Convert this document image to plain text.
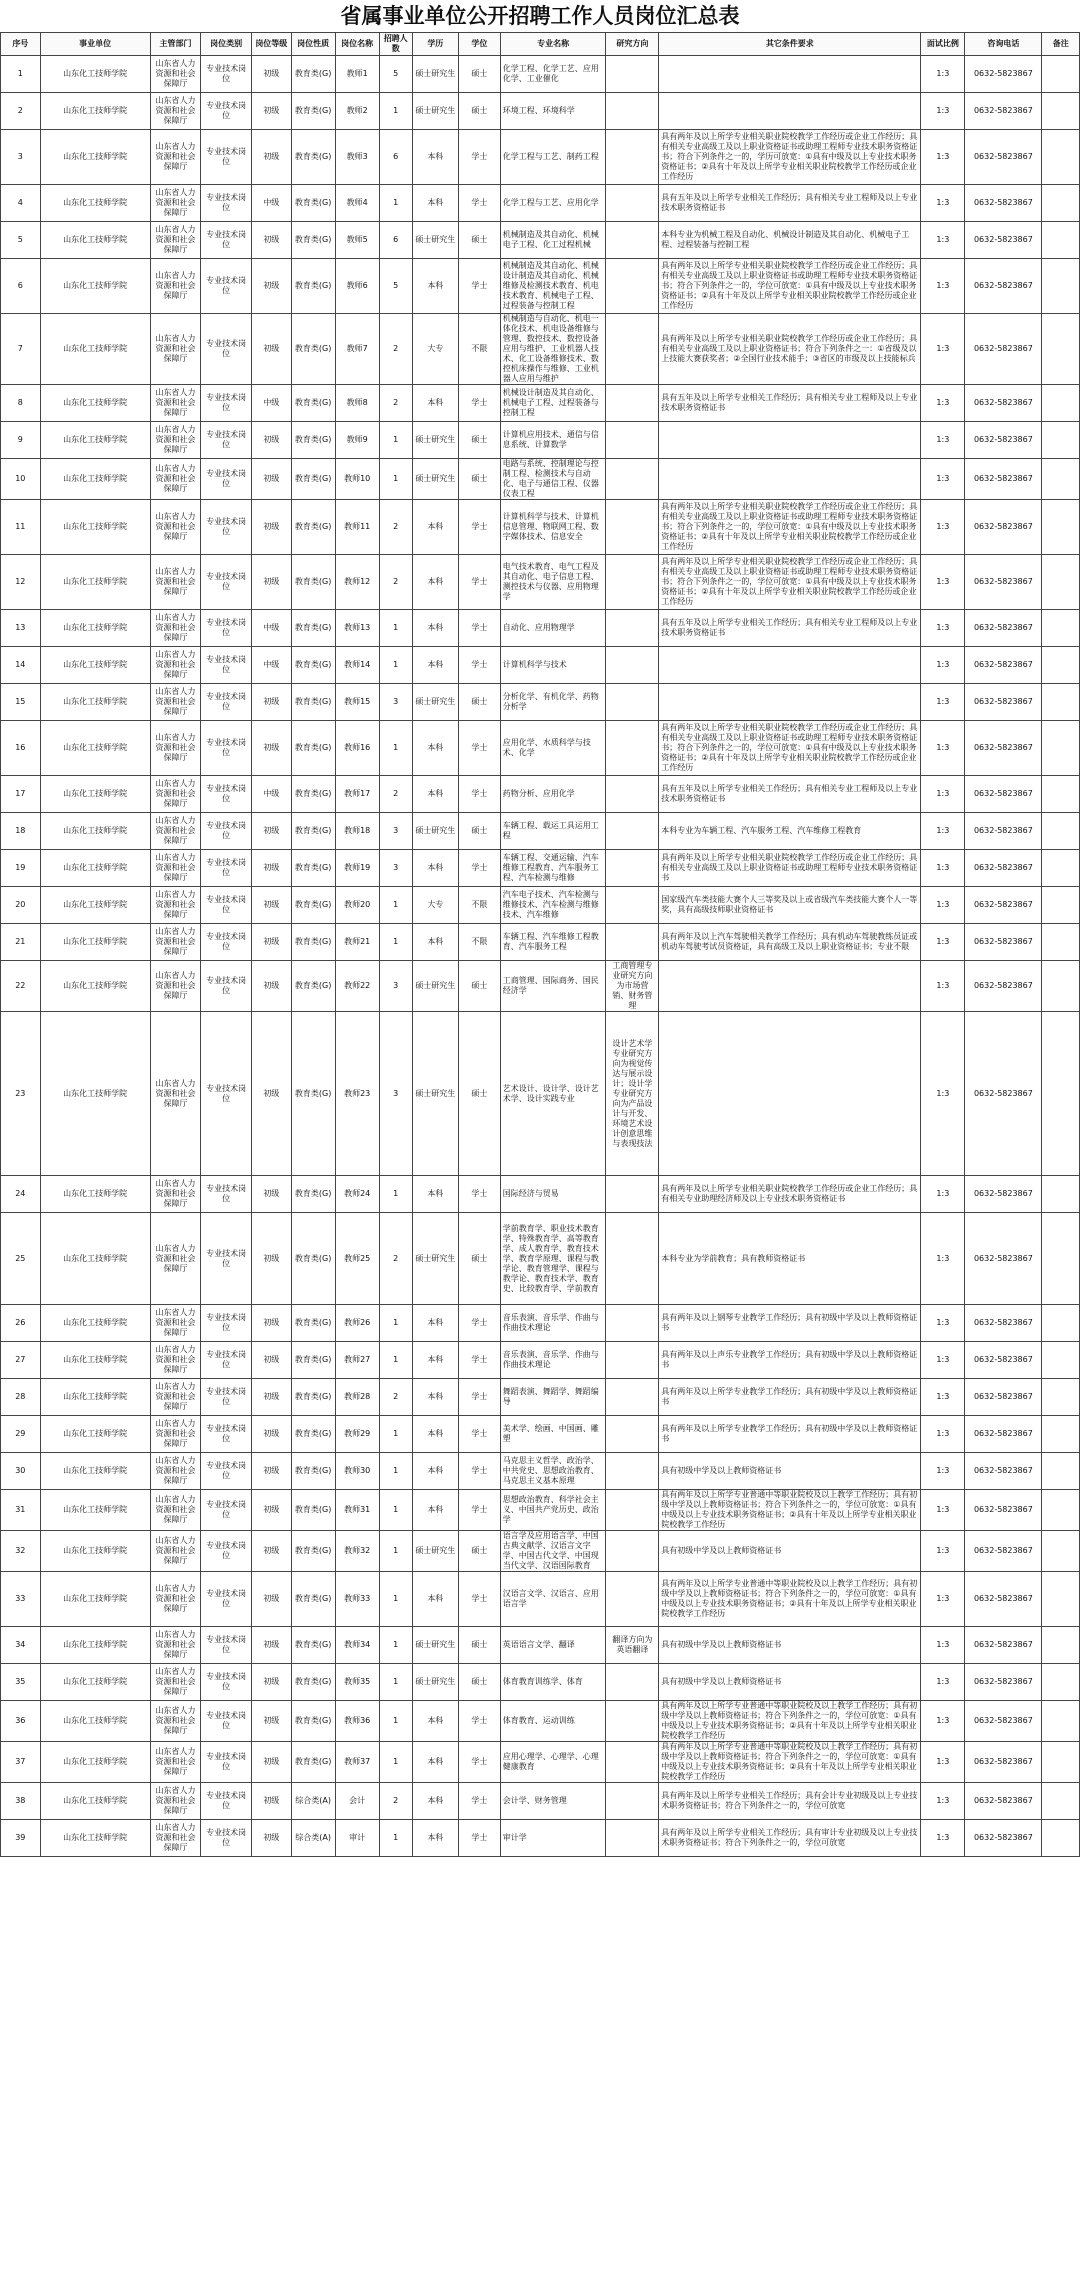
省属事业单位公开招聘工作人员岗位汇总表
序号	事业单位	主管部门	岗位类别	岗位等级	岗位性质	岗位名称	招聘人数	学历	学位	专业名称	研究方向	其它条件要求	面试比例	咨询电话	备注
1	山东化工技师学院	山东省人力资源和社会保障厅	专业技术岗位	初级	教育类(G)	教师1	5	硕士研究生	硕士	化学工程、化学工艺、应用化学、工业催化			1:3	0632-5823867	
2	山东化工技师学院	山东省人力资源和社会保障厅	专业技术岗位	初级	教育类(G)	教师2	1	硕士研究生	硕士	环境工程、环境科学			1:3	0632-5823867	
3	山东化工技师学院	山东省人力资源和社会保障厅	专业技术岗位	初级	教育类(G)	教师3	6	本科	学士	化学工程与工艺、制药工程		具有两年及以上所学专业相关职业院校教学工作经历或企业工作经历；具有相关专业高级工及以上职业资格证书或助理工程师专业技术职务资格证书；符合下列条件之一的，学历可放宽：①具有中级及以上专业技术职务资格证书；②具有十年及以上所学专业相关职业院校教学工作经历或企业工作经历	1:3	0632-5823867	
4	山东化工技师学院	山东省人力资源和社会保障厅	专业技术岗位	中级	教育类(G)	教师4	1	本科	学士	化学工程与工艺、应用化学		具有五年及以上所学专业相关工作经历；具有相关专业工程师及以上专业技术职务资格证书	1:3	0632-5823867	
5	山东化工技师学院	山东省人力资源和社会保障厅	专业技术岗位	初级	教育类(G)	教师5	6	硕士研究生	硕士	机械制造及其自动化、机械电子工程、化工过程机械		本科专业为机械工程及自动化、机械设计制造及其自动化、机械电子工程、过程装备与控制工程	1:3	0632-5823867	
6	山东化工技师学院	山东省人力资源和社会保障厅	专业技术岗位	初级	教育类(G)	教师6	5	本科	学士	机械制造及其自动化、机械设计制造及其自动化、机械维修及检测技术教育、机电技术教育、机械电子工程、过程装备与控制工程		具有两年及以上所学专业相关职业院校教学工作经历或企业工作经历；具有相关专业高级工及以上职业资格证书或助理工程师专业技术职务资格证书；符合下列条件之一的，学位可放宽：①具有中级及以上专业技术职务资格证书；②具有十年及以上所学专业相关职业院校教学工作经历或企业工作经历	1:3	0632-5823867	
7	山东化工技师学院	山东省人力资源和社会保障厅	专业技术岗位	初级	教育类(G)	教师7	2	大专	不限	机械制造与自动化、机电一体化技术、机电设备维修与管理、数控技术、数控设备应用与维护、工业机器人技术、化工设备维修技术、数控机床操作与维修、工业机器人应用与维护		具有两年及以上所学专业相关职业院校教学工作经历或企业工作经历；具有相关专业高级工及以上职业资格证书；符合下列条件之一：①省级及以上技能大赛获奖者；②全国行业技术能手；③省区的市级及以上技能标兵	1:3	0632-5823867	
8	山东化工技师学院	山东省人力资源和社会保障厅	专业技术岗位	中级	教育类(G)	教师8	2	本科	学士	机械设计制造及其自动化、机械电子工程、过程装备与控制工程		具有五年及以上所学专业相关工作经历；具有相关专业工程师及以上专业技术职务资格证书	1:3	0632-5823867	
9	山东化工技师学院	山东省人力资源和社会保障厅	专业技术岗位	初级	教育类(G)	教师9	1	硕士研究生	硕士	计算机应用技术、通信与信息系统、计算数学			1:3	0632-5823867	
10	山东化工技师学院	山东省人力资源和社会保障厅	专业技术岗位	初级	教育类(G)	教师10	1	硕士研究生	硕士	电路与系统、控制理论与控制工程、检测技术与自动化、电子与通信工程、仪器仪表工程			1:3	0632-5823867	
11	山东化工技师学院	山东省人力资源和社会保障厅	专业技术岗位	初级	教育类(G)	教师11	2	本科	学士	计算机科学与技术、计算机信息管理、物联网工程、数字媒体技术、信息安全		具有两年及以上所学专业相关职业院校教学工作经历或企业工作经历；具有相关专业高级工及以上职业资格证书或助理工程师专业技术职务资格证书；符合下列条件之一的，学位可放宽：①具有中级及以上专业技术职务资格证书；②具有十年及以上所学专业相关职业院校教学工作经历或企业工作经历	1:3	0632-5823867	
12	山东化工技师学院	山东省人力资源和社会保障厅	专业技术岗位	初级	教育类(G)	教师12	2	本科	学士	电气技术教育、电气工程及其自动化、电子信息工程、测控技术与仪器、应用物理学		具有两年及以上所学专业相关职业院校教学工作经历或企业工作经历；具有相关专业高级工及以上职业资格证书或助理工程师专业技术职务资格证书；符合下列条件之一的，学位可放宽：①具有中级及以上专业技术职务资格证书；②具有十年及以上所学专业相关职业院校教学工作经历或企业工作经历	1:3	0632-5823867	
13	山东化工技师学院	山东省人力资源和社会保障厅	专业技术岗位	中级	教育类(G)	教师13	1	本科	学士	自动化、应用物理学		具有五年及以上所学专业相关工作经历；具有相关专业工程师及以上专业技术职务资格证书	1:3	0632-5823867	
14	山东化工技师学院	山东省人力资源和社会保障厅	专业技术岗位	中级	教育类(G)	教师14	1	本科	学士	计算机科学与技术			1:3	0632-5823867	
15	山东化工技师学院	山东省人力资源和社会保障厅	专业技术岗位	初级	教育类(G)	教师15	3	硕士研究生	硕士	分析化学、有机化学、药物分析学			1:3	0632-5823867	
16	山东化工技师学院	山东省人力资源和社会保障厅	专业技术岗位	初级	教育类(G)	教师16	1	本科	学士	应用化学、水质科学与技术、化学		具有两年及以上所学专业相关职业院校教学工作经历或企业工作经历；具有相关专业高级工及以上职业资格证书或助理工程师专业技术职务资格证书；符合下列条件之一的，学位可放宽：①具有中级及以上专业技术职务资格证书；②具有十年及以上所学专业相关职业院校教学工作经历或企业工作经历	1:3	0632-5823867	
17	山东化工技师学院	山东省人力资源和社会保障厅	专业技术岗位	中级	教育类(G)	教师17	2	本科	学士	药物分析、应用化学		具有五年及以上所学专业相关工作经历；具有相关专业工程师及以上专业技术职务资格证书	1:3	0632-5823867	
18	山东化工技师学院	山东省人力资源和社会保障厅	专业技术岗位	初级	教育类(G)	教师18	3	硕士研究生	硕士	车辆工程、载运工具运用工程		本科专业为车辆工程、汽车服务工程、汽车维修工程教育	1:3	0632-5823867	
19	山东化工技师学院	山东省人力资源和社会保障厅	专业技术岗位	初级	教育类(G)	教师19	3	本科	学士	车辆工程、交通运输、汽车维修工程教育、汽车服务工程、汽车检测与维修		具有两年及以上所学专业相关职业院校教学工作经历或企业工作经历；具有相关专业高级工及以上职业资格证书或助理工程师专业技术职务资格证书	1:3	0632-5823867	
20	山东化工技师学院	山东省人力资源和社会保障厅	专业技术岗位	初级	教育类(G)	教师20	1	大专	不限	汽车电子技术、汽车检测与维修技术、汽车检测与维修技术、汽车维修		国家级汽车类技能大赛个人三等奖及以上或省级汽车类技能大赛个人一等奖，具有高级技师职业资格证书	1:3	0632-5823867	
21	山东化工技师学院	山东省人力资源和社会保障厅	专业技术岗位	初级	教育类(G)	教师21	1	本科	不限	车辆工程、汽车维修工程教育、汽车服务工程		具有两年及以上汽车驾驶相关教学工作经历；具有机动车驾驶教练员证或机动车驾驶考试员资格证，具有高级工及以上职业资格证书；专业不限	1:3	0632-5823867	
22	山东化工技师学院	山东省人力资源和社会保障厅	专业技术岗位	初级	教育类(G)	教师22	3	硕士研究生	硕士	工商管理、国际商务、国民经济学	工商管理专业研究方向为市场营销、财务管理		1:3	0632-5823867	
23	山东化工技师学院	山东省人力资源和社会保障厅	专业技术岗位	初级	教育类(G)	教师23	3	硕士研究生	硕士	艺术设计、设计学、设计艺术学、设计实践专业	设计艺术学专业研究方向为视觉传达与展示设计；设计学专业研究方向为产品设计与开发、环境艺术设计创意思维与表现技法		1:3	0632-5823867	
24	山东化工技师学院	山东省人力资源和社会保障厅	专业技术岗位	初级	教育类(G)	教师24	1	本科	学士	国际经济与贸易		具有两年及以上所学专业相关职业院校教学工作经历或企业工作经历；具有相关专业助理经济师及以上专业技术职务资格证书	1:3	0632-5823867	
25	山东化工技师学院	山东省人力资源和社会保障厅	专业技术岗位	初级	教育类(G)	教师25	2	硕士研究生	硕士	学前教育学、职业技术教育学、特殊教育学、高等教育学、成人教育学、教育技术学、教育学原理、课程与教学论、教育管理学、课程与教学论、教育技术学、教育史、比较教育学、学前教育		本科专业为学前教育；具有教师资格证书	1:3	0632-5823867	
26	山东化工技师学院	山东省人力资源和社会保障厅	专业技术岗位	初级	教育类(G)	教师26	1	本科	学士	音乐表演、音乐学、作曲与作曲技术理论		具有两年及以上钢琴专业教学工作经历；具有初级中学及以上教师资格证书	1:3	0632-5823867	
27	山东化工技师学院	山东省人力资源和社会保障厅	专业技术岗位	初级	教育类(G)	教师27	1	本科	学士	音乐表演、音乐学、作曲与作曲技术理论		具有两年及以上声乐专业教学工作经历；具有初级中学及以上教师资格证书	1:3	0632-5823867	
28	山东化工技师学院	山东省人力资源和社会保障厅	专业技术岗位	初级	教育类(G)	教师28	2	本科	学士	舞蹈表演、舞蹈学、舞蹈编导		具有两年及以上所学专业教学工作经历；具有初级中学及以上教师资格证书	1:3	0632-5823867	
29	山东化工技师学院	山东省人力资源和社会保障厅	专业技术岗位	初级	教育类(G)	教师29	1	本科	学士	美术学、绘画、中国画、雕塑		具有两年及以上所学专业教学工作经历；具有初级中学及以上教师资格证书	1:3	0632-5823867	
30	山东化工技师学院	山东省人力资源和社会保障厅	专业技术岗位	初级	教育类(G)	教师30	1	本科	学士	马克思主义哲学、政治学、中共党史、思想政治教育、马克思主义基本原理		具有初级中学及以上教师资格证书	1:3	0632-5823867	
31	山东化工技师学院	山东省人力资源和社会保障厅	专业技术岗位	初级	教育类(G)	教师31	1	本科	学士	思想政治教育、科学社会主义、中国共产党历史、政治学		具有两年及以上所学专业普通中等职业院校及以上教学工作经历；具有初级中学及以上教师资格证书；符合下列条件之一的，学位可放宽：①具有中级及以上专业技术职务资格证书；②具有十年及以上所学专业相关职业院校教学工作经历	1:3	0632-5823867	
32	山东化工技师学院	山东省人力资源和社会保障厅	专业技术岗位	初级	教育类(G)	教师32	1	硕士研究生	硕士	语言学及应用语言学、中国古典文献学、汉语言文字学、中国古代文学、中国现当代文学、汉语国际教育		具有初级中学及以上教师资格证书	1:3	0632-5823867	
33	山东化工技师学院	山东省人力资源和社会保障厅	专业技术岗位	初级	教育类(G)	教师33	1	本科	学士	汉语言文学、汉语言、应用语言学		具有两年及以上所学专业普通中等职业院校及以上教学工作经历；具有初级中学及以上教师资格证书；符合下列条件之一的，学位可放宽：①具有中级及以上专业技术职务资格证书；②具有十年及以上所学专业相关职业院校教学工作经历	1:3	0632-5823867	
34	山东化工技师学院	山东省人力资源和社会保障厅	专业技术岗位	初级	教育类(G)	教师34	1	硕士研究生	硕士	英语语言文学、翻译	翻译方向为英语翻译	具有初级中学及以上教师资格证书	1:3	0632-5823867	
35	山东化工技师学院	山东省人力资源和社会保障厅	专业技术岗位	初级	教育类(G)	教师35	1	硕士研究生	硕士	体育教育训练学、体育		具有初级中学及以上教师资格证书	1:3	0632-5823867	
36	山东化工技师学院	山东省人力资源和社会保障厅	专业技术岗位	初级	教育类(G)	教师36	1	本科	学士	体育教育、运动训练		具有两年及以上所学专业普通中等职业院校及以上教学工作经历；具有初级中学及以上教师资格证书；符合下列条件之一的，学位可放宽：①具有中级及以上专业技术职务资格证书；②具有十年及以上所学专业相关职业院校教学工作经历	1:3	0632-5823867	
37	山东化工技师学院	山东省人力资源和社会保障厅	专业技术岗位	初级	教育类(G)	教师37	1	本科	学士	应用心理学、心理学、心理健康教育		具有两年及以上所学专业普通中等职业院校及以上教学工作经历；具有初级中学及以上教师资格证书；符合下列条件之一的，学位可放宽：①具有中级及以上专业技术职务资格证书；②具有十年及以上所学专业相关职业院校教学工作经历	1:3	0632-5823867	
38	山东化工技师学院	山东省人力资源和社会保障厅	专业技术岗位	初级	综合类(A)	会计	2	本科	学士	会计学、财务管理		具有两年及以上所学专业相关工作经历；具有会计专业初级及以上专业技术职务资格证书；符合下列条件之一的，学位可放宽	1:3	0632-5823867	
39	山东化工技师学院	山东省人力资源和社会保障厅	专业技术岗位	初级	综合类(A)	审计	1	本科	学士	审计学		具有两年及以上所学专业相关工作经历；具有审计专业初级及以上专业技术职务资格证书；符合下列条件之一的，学位可放宽	1:3	0632-5823867	
